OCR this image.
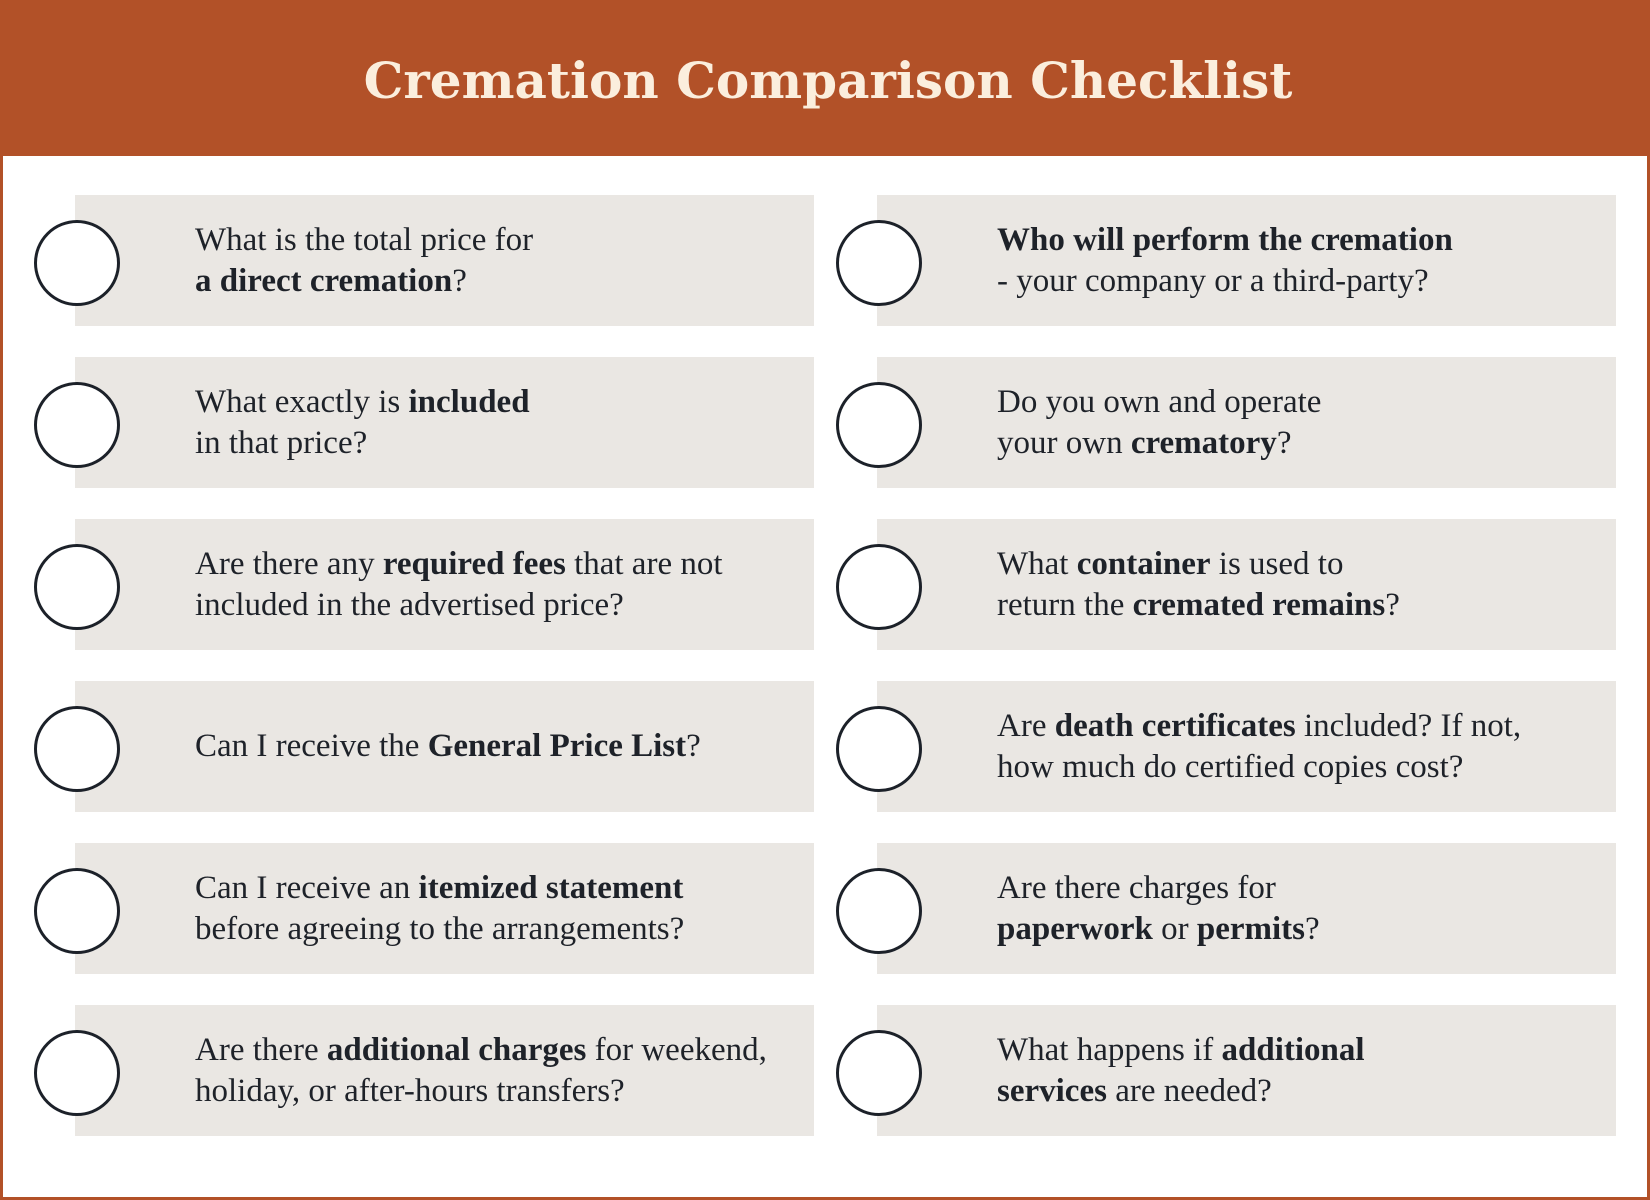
Cremation Comparison Checklist
What is the total price for
a direct cremation?
What exactly is included
in that price?
Are there any required fees that are not
included in the advertised price?
Can I receive the General Price List?
Can I receive an itemized statement
before agreeing to the arrangements?
Are there additional charges for weekend,
holiday, or after-hours transfers?
Who will perform the cremation
- your company or a third-party?
Do you own and operate
your own crematory?
What container is used to
return the cremated remains?
Are death certificates included? If not,
how much do certified copies cost?
Are there charges for
paperwork or permits?
What happens if additional
services are needed?
